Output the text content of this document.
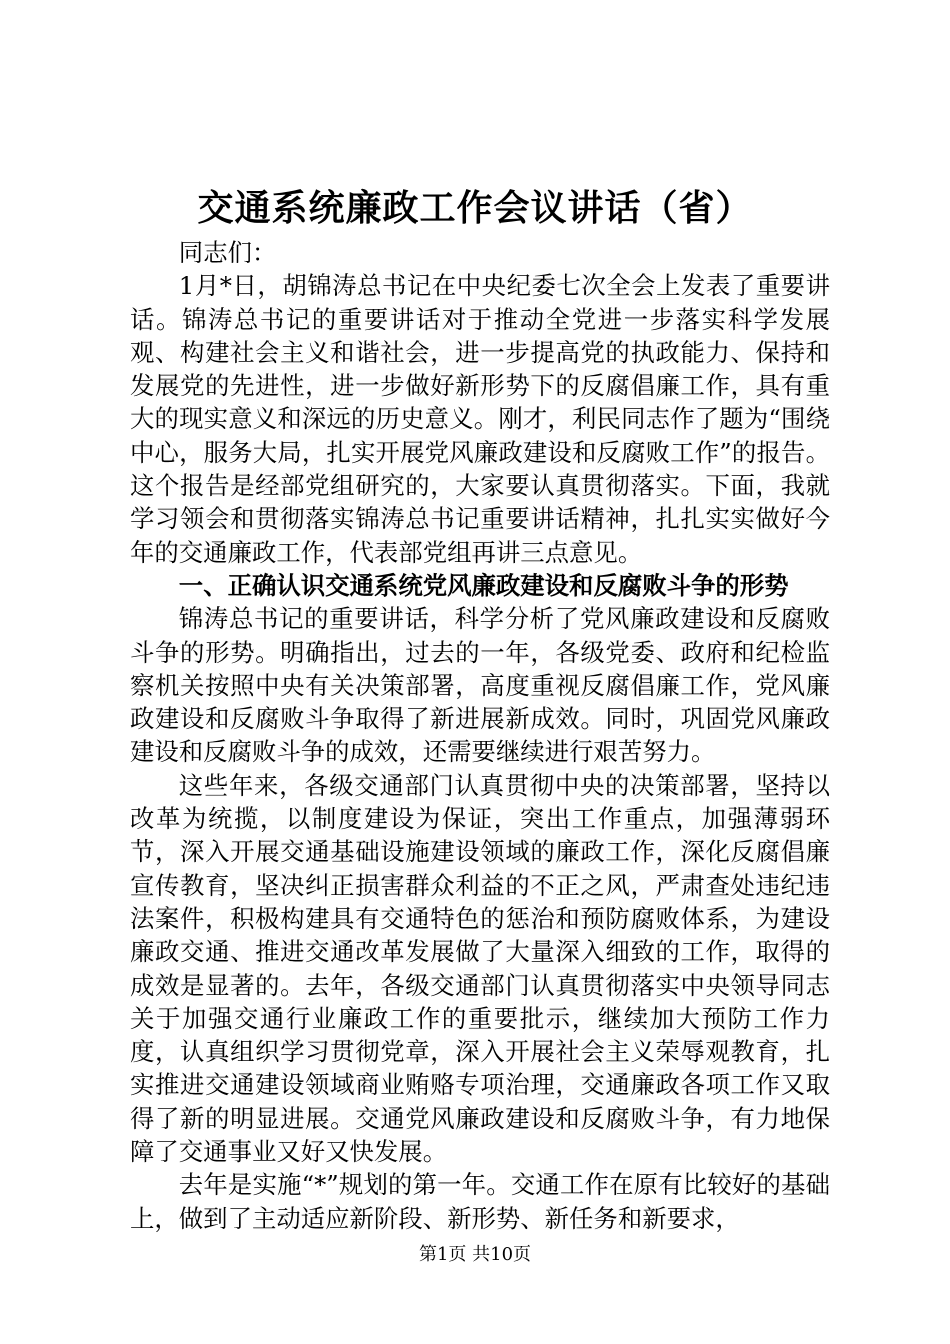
交通系统廉政工作会议讲话（省）

同志们：

1月*日，胡锦涛总书记在中央纪委七次全会上发表了重要讲话。锦涛总书记的重要讲话对于推动全党进一步落实科学发展观、构建社会主义和谐社会，进一步提高党的执政能力、保持和发展党的先进性，进一步做好新形势下的反腐倡廉工作，具有重大的现实意义和深远的历史意义。刚才，利民同志作了题为“围绕中心，服务大局，扎实开展党风廉政建设和反腐败工作”的报告。这个报告是经部党组研究的，大家要认真贯彻落实。下面，我就学习领会和贯彻落实锦涛总书记重要讲话精神，扎扎实实做好今年的交通廉政工作，代表部党组再讲三点意见。

一、正确认识交通系统党风廉政建设和反腐败斗争的形势

锦涛总书记的重要讲话，科学分析了党风廉政建设和反腐败斗争的形势。明确指出，过去的一年，各级党委、政府和纪检监察机关按照中央有关决策部署，高度重视反腐倡廉工作，党风廉政建设和反腐败斗争取得了新进展新成效。同时，巩固党风廉政建设和反腐败斗争的成效，还需要继续进行艰苦努力。

这些年来，各级交通部门认真贯彻中央的决策部署，坚持以改革为统揽，以制度建设为保证，突出工作重点，加强薄弱环节，深入开展交通基础设施建设领域的廉政工作，深化反腐倡廉宣传教育，坚决纠正损害群众利益的不正之风，严肃查处违纪违法案件，积极构建具有交通特色的惩治和预防腐败体系，为建设廉政交通、推进交通改革发展做了大量深入细致的工作，取得的成效是显著的。去年，各级交通部门认真贯彻落实中央领导同志关于加强交通行业廉政工作的重要批示，继续加大预防工作力度，认真组织学习贯彻党章，深入开展社会主义荣辱观教育，扎实推进交通建设领域商业贿赂专项治理，交通廉政各项工作又取得了新的明显进展。交通党风廉政建设和反腐败斗争，有力地保障了交通事业又好又快发展。

去年是实施“*”规划的第一年。交通工作在原有比较好的基础上，做到了主动适应新阶段、新形势、新任务和新要求，

第1页 共10页
